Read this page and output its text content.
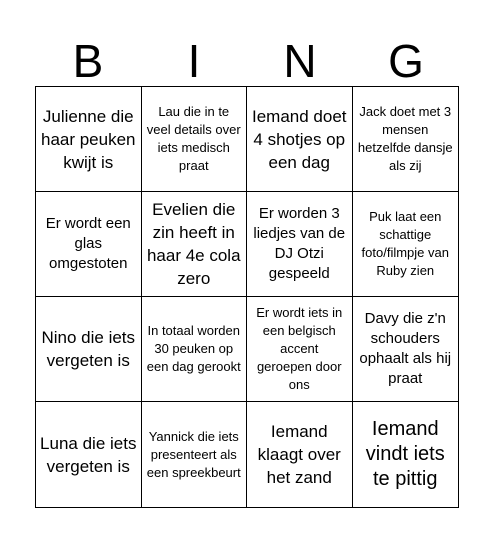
B	I	N	G
Julienne die haar peuken kwijt is
Lau die in te veel details over iets medisch praat
Iemand doet 4 shotjes op een dag
Jack doet met 3 mensen hetzelfde dansje als zij
Er wordt een glas omgestoten
Evelien die zin heeft in haar 4e cola zero
Er worden 3 liedjes van de DJ Otzi gespeeld
Puk laat een schattige foto/filmpje van Ruby zien
Nino die iets vergeten is
In totaal worden 30 peuken op een dag gerookt
Er wordt iets in een belgisch accent geroepen door ons
Davy die z'n schouders ophaalt als hij praat
Luna die iets vergeten is
Yannick die iets presenteert als een spreekbeurt
Iemand klaagt over het zand
Iemand vindt iets te pittig
